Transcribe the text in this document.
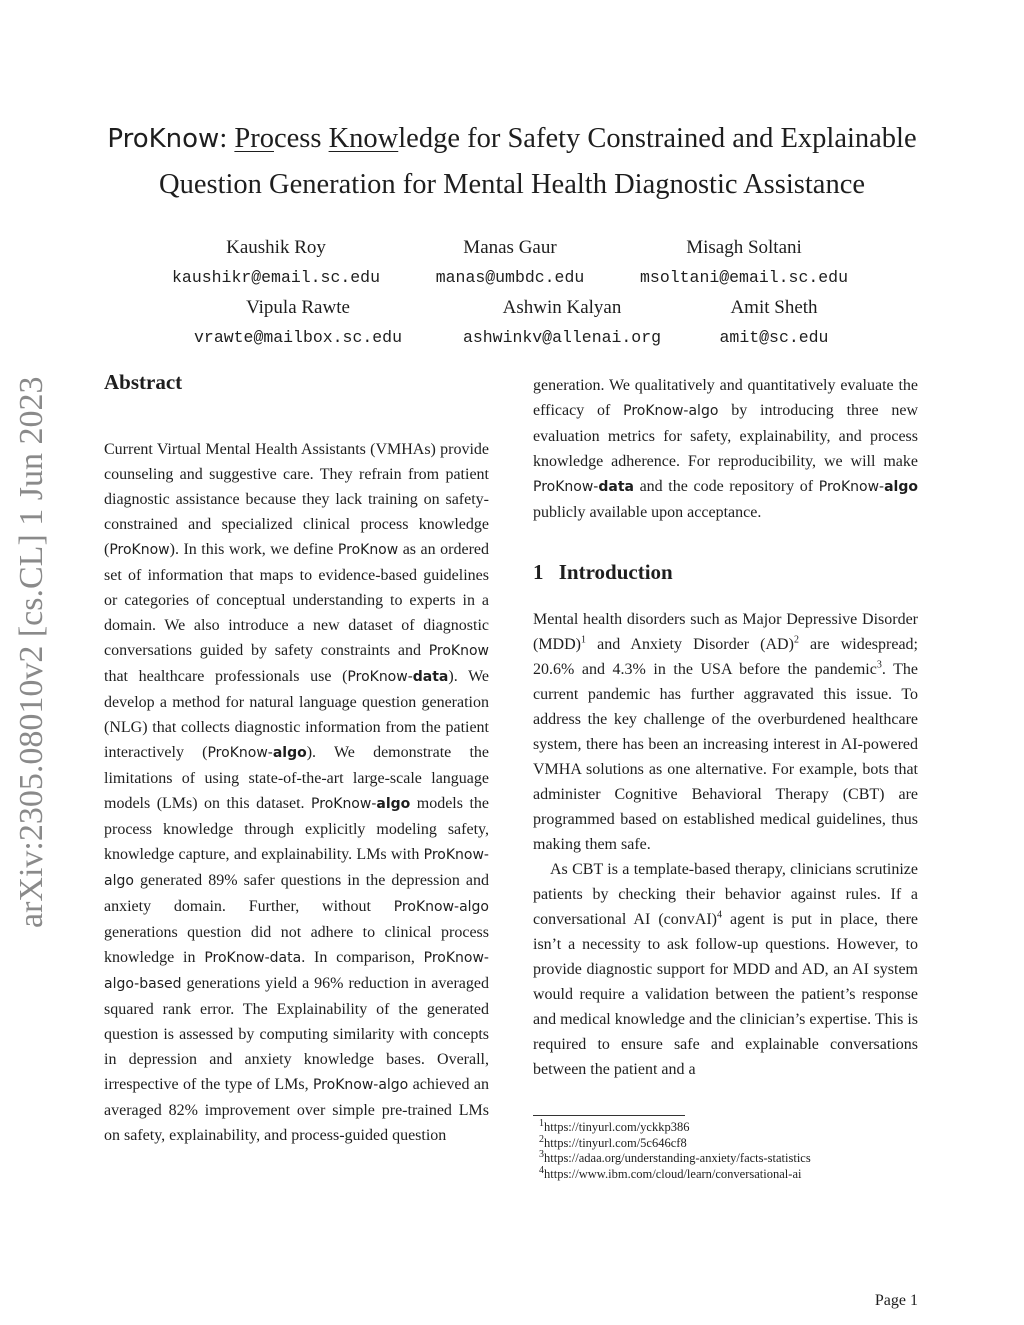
arXiv:2305.08010v2 [cs.CL] 1 Jun 2023
ProKnow: Process Knowledge for Safety Constrained and Explainable
Question Generation for Mental Health Diagnostic Assistance
Kaushik Roy
kaushikr@email.sc.edu
Manas Gaur
manas@umbdc.edu
Misagh Soltani
msoltani@email.sc.edu
Vipula Rawte
vrawte@mailbox.sc.edu
Ashwin Kalyan
ashwinkv@allenai.org
Amit Sheth
amit@sc.edu
Abstract

Current Virtual Mental Health Assistants (VMHAs) provide counseling and suggestive care. They refrain from patient diagnostic assistance because they lack training on safety-constrained and specialized clinical process knowledge (ProKnow). In this work, we define ProKnow as an ordered set of information that maps to evidence-based guidelines or categories of conceptual understanding to experts in a domain. We also introduce a new dataset of diagnostic conversations guided by safety constraints and ProKnow that healthcare professionals use (ProKnow-data). We develop a method for natural language question generation (NLG) that collects diagnostic information from the patient interactively (ProKnow-algo). We demonstrate the limitations of using state-of-the-art large-scale language models (LMs) on this dataset. ProKnow-algo models the process knowledge through explicitly modeling safety, knowledge capture, and explainability. LMs with ProKnow-algo generated 89% safer questions in the depression and anxiety domain. Further, without ProKnow-algo generations question did not adhere to clinical process knowledge in ProKnow-data. In comparison, ProKnow-algo-based generations yield a 96% reduction in averaged squared rank error. The Explainability of the generated question is assessed by computing similarity with concepts in depression and anxiety knowledge bases. Overall, irrespective of the type of LMs, ProKnow-algo achieved an averaged 82% improvement over simple pre-trained LMs on safety, explainability, and process-guided question

generation. We qualitatively and quantitatively evaluate the efficacy of ProKnow-algo by introducing three new evaluation metrics for safety, explainability, and process knowledge adherence. For reproducibility, we will make ProKnow-data and the code repository of ProKnow-algo publicly available upon acceptance.

1 Introduction

Mental health disorders such as Major Depressive Disorder (MDD)$^1$ and Anxiety Disorder (AD)$^2$ are widespread; 20.6% and 4.3% in the USA before the pandemic$^3$. The current pandemic has further aggravated this issue. To address the key challenge of the overburdened healthcare system, there has been an increasing interest in AI-powered VMHA solutions as one alternative. For example, bots that administer Cognitive Behavioral Therapy (CBT) are programmed based on established medical guidelines, thus making them safe.

As CBT is a template-based therapy, clinicians scrutinize patients by checking their behavior against rules. If a conversational AI (convAI)$^4$ agent is put in place, there isn’t a necessity to ask follow-up questions. However, to provide diagnostic support for MDD and AD, an AI system would require a validation between the patient’s response and medical knowledge and the clinician’s expertise. This is required to ensure safe and explainable conversations between the patient and a

$^1$https://tinyurl.com/yckkp386
$^2$https://tinyurl.com/5c646cf8
$^3$https://adaa.org/understanding-anxiety/facts-statistics
$^4$https://www.ibm.com/cloud/learn/conversational-ai
Page 1
